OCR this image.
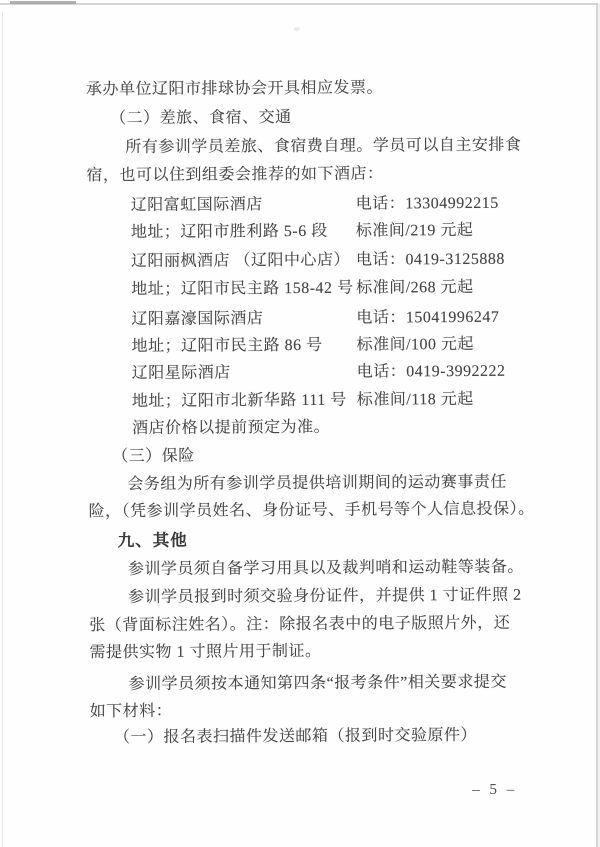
承办单位辽阳市排球协会开具相应发票。
（二）差旅、食宿、交通
所有参训学员差旅、食宿费自理。学员可以自主安排食
宿，也可以住到组委会推荐的如下酒店：
辽阳富虹国际酒店	电话：13304992215
地址；辽阳市胜利路 5-6 段 标准间/219 元起
辽阳丽枫酒店 （辽阳中心店） 电话：0419-3125888
地址；辽阳市民主路 158-42 号 标准间/268 元起
辽阳嘉濠国际酒店	电话：15041996247
地址；辽阳市民主路 86 号 标准间/100 元起
辽阳星际酒店	电话：0419-3992222
地址；辽阳市北新华路 111 号 标准间/118 元起
酒店价格以提前预定为准。
（三）保险
会务组为所有参训学员提供培训期间的运动赛事责任
险，（凭参训学员姓名、身份证号、手机号等个人信息投保）。
九、其他
参训学员须自备学习用具以及裁判哨和运动鞋等装备。
参训学员报到时须交验身份证件，并提供 1 寸证件照 2
张（背面标注姓名）。注：除报名表中的电子版照片外，还
需提供实物 1 寸照片用于制证。
参训学员须按本通知第四条“报考条件”相关要求提交
如下材料：
（一）报名表扫描件发送邮箱（报到时交验原件）
– 5 –
